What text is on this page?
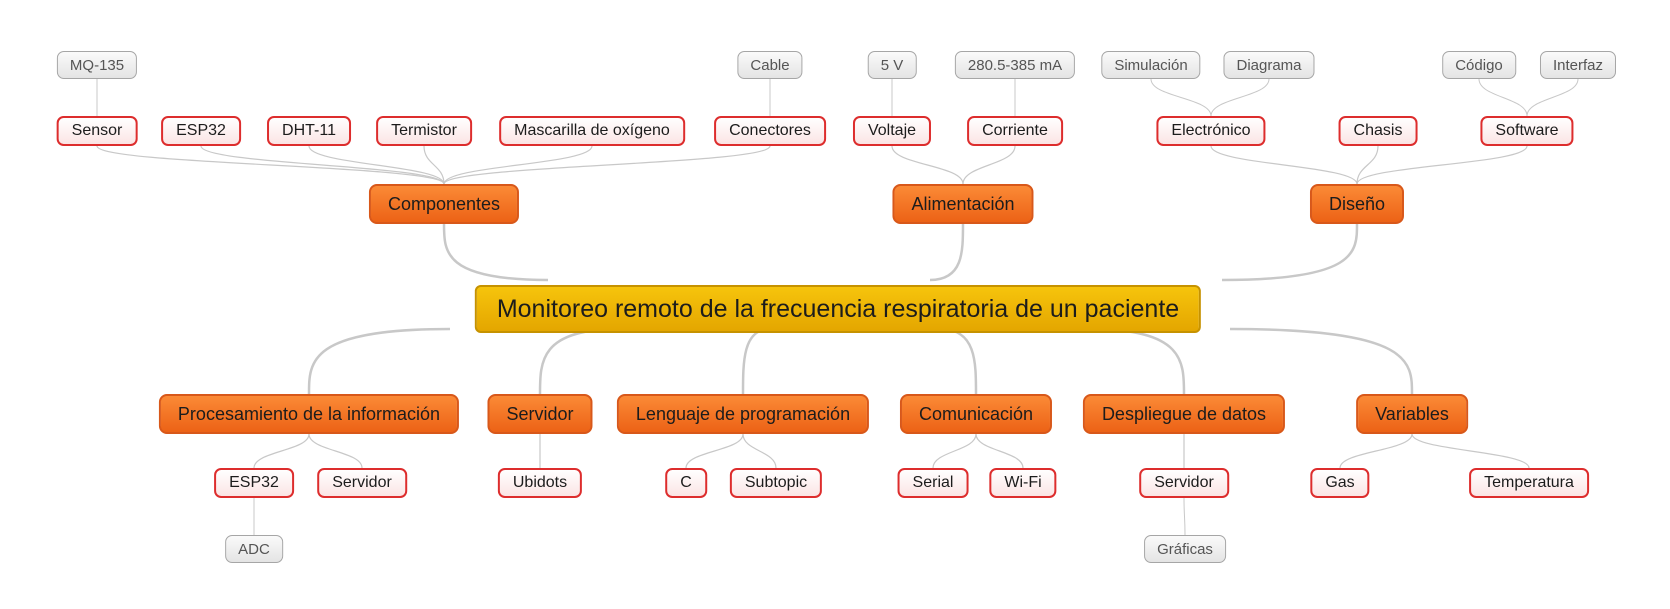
Monitoreo remoto de la frecuencia respiratoria de un paciente
Componentes
Sensor
MQ-135
ESP32	DHT-11	Termistor	Mascarilla de oxígeno	Conectores
Cable
Alimentación
Voltaje
5 V
Corriente
280.5-385 mA
Diseño
Electrónico
Simulación	Diagrama
Chasis	Software
Código	Interfaz
Procesamiento de la información
ESP32
ADC
Servidor
Servidor
Ubidots
Lenguaje de programación
C	Subtopic
Comunicación
Serial	Wi-Fi
Despliegue de datos
Servidor
Gráficas
Variables
Gas	Temperatura
